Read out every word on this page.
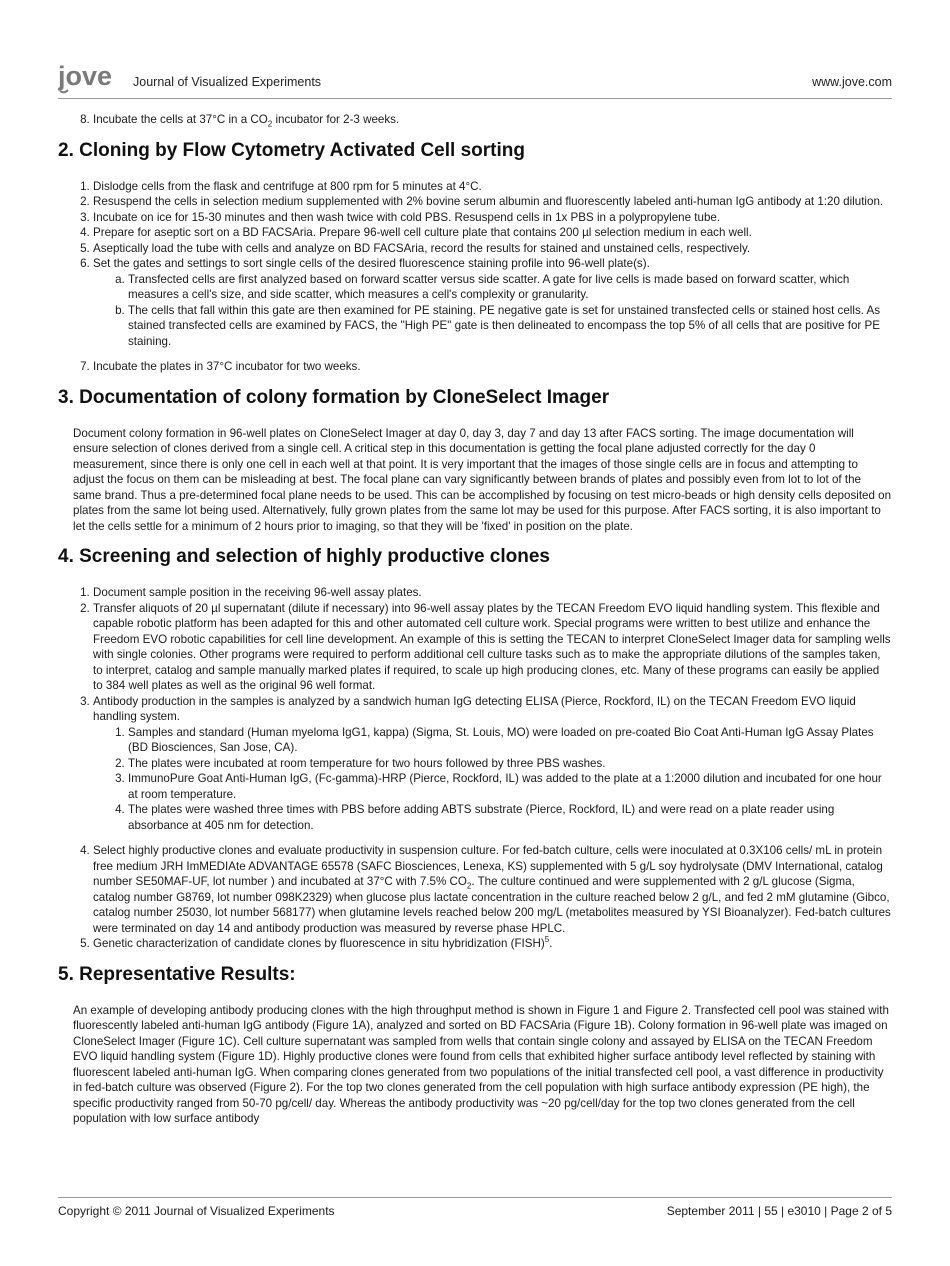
jove Journal of Visualized Experiments	www.jove.com
8. Incubate the cells at 37°C in a $CO_2$ incubator for 2-3 weeks.
2. Cloning by Flow Cytometry Activated Cell sorting
1. Dislodge cells from the flask and centrifuge at 800 rpm for 5 minutes at 4°C.
2. Resuspend the cells in selection medium supplemented with 2% bovine serum albumin and fluorescently labeled anti-human IgG antibody at 1:20 dilution.
3. Incubate on ice for 15-30 minutes and then wash twice with cold PBS. Resuspend cells in 1x PBS in a polypropylene tube.
4. Prepare for aseptic sort on a BD FACSAria. Prepare 96-well cell culture plate that contains 200 µl selection medium in each well.
5. Aseptically load the tube with cells and analyze on BD FACSAria, record the results for stained and unstained cells, respectively.
6. Set the gates and settings to sort single cells of the desired fluorescence staining profile into 96-well plate(s).
a. Transfected cells are first analyzed based on forward scatter versus side scatter. A gate for live cells is made based on forward scatter, which measures a cell's size, and side scatter, which measures a cell's complexity or granularity.
b. The cells that fall within this gate are then examined for PE staining. PE negative gate is set for unstained transfected cells or stained host cells. As stained transfected cells are examined by FACS, the "High PE" gate is then delineated to encompass the top 5% of all cells that are positive for PE staining.
7. Incubate the plates in 37°C incubator for two weeks.
3. Documentation of colony formation by CloneSelect Imager

Document colony formation in 96-well plates on CloneSelect Imager at day 0, day 3, day 7 and day 13 after FACS sorting. The image documentation will ensure selection of clones derived from a single cell. A critical step in this documentation is getting the focal plane adjusted correctly for the day 0 measurement, since there is only one cell in each well at that point. It is very important that the images of those single cells are in focus and attempting to adjust the focus on them can be misleading at best. The focal plane can vary significantly between brands of plates and possibly even from lot to lot of the same brand. Thus a pre-determined focal plane needs to be used. This can be accomplished by focusing on test micro-beads or high density cells deposited on plates from the same lot being used. Alternatively, fully grown plates from the same lot may be used for this purpose. After FACS sorting, it is also important to let the cells settle for a minimum of 2 hours prior to imaging, so that they will be 'fixed' in position on the plate.

4. Screening and selection of highly productive clones
1. Document sample position in the receiving 96-well assay plates.
2. Transfer aliquots of 20 µl supernatant (dilute if necessary) into 96-well assay plates by the TECAN Freedom EVO liquid handling system. This flexible and capable robotic platform has been adapted for this and other automated cell culture work. Special programs were written to best utilize and enhance the Freedom EVO robotic capabilities for cell line development. An example of this is setting the TECAN to interpret CloneSelect Imager data for sampling wells with single colonies. Other programs were required to perform additional cell culture tasks such as to make the appropriate dilutions of the samples taken, to interpret, catalog and sample manually marked plates if required, to scale up high producing clones, etc. Many of these programs can easily be applied to 384 well plates as well as the original 96 well format.
3. Antibody production in the samples is analyzed by a sandwich human IgG detecting ELISA (Pierce, Rockford, IL) on the TECAN Freedom EVO liquid handling system.
1. Samples and standard (Human myeloma IgG1, kappa) (Sigma, St. Louis, MO) were loaded on pre-coated Bio Coat Anti-Human IgG Assay Plates (BD Biosciences, San Jose, CA).
2. The plates were incubated at room temperature for two hours followed by three PBS washes.
3. ImmunoPure Goat Anti-Human IgG, (Fc-gamma)-HRP (Pierce, Rockford, IL) was added to the plate at a 1:2000 dilution and incubated for one hour at room temperature.
4. The plates were washed three times with PBS before adding ABTS substrate (Pierce, Rockford, IL) and were read on a plate reader using absorbance at 405 nm for detection.
4. Select highly productive clones and evaluate productivity in suspension culture. For fed-batch culture, cells were inoculated at 0.3X106 cells/ mL in protein free medium JRH ImMEDIAte ADVANTAGE 65578 (SAFC Biosciences, Lenexa, KS) supplemented with 5 g/L soy hydrolysate (DMV International, catalog number SE50MAF-UF, lot number ) and incubated at 37°C with 7.5% $CO_2$. The culture continued and were supplemented with 2 g/L glucose (Sigma, catalog number G8769, lot number 098K2329) when glucose plus lactate concentration in the culture reached below 2 g/L, and fed 2 mM glutamine (Gibco, catalog number 25030, lot number 568177) when glutamine levels reached below 200 mg/L (metabolites measured by YSI Bioanalyzer). Fed-batch cultures were terminated on day 14 and antibody production was measured by reverse phase HPLC.
5. Genetic characterization of candidate clones by fluorescence in situ hybridization (FISH)$^5$.
5. Representative Results:

An example of developing antibody producing clones with the high throughput method is shown in Figure 1 and Figure 2. Transfected cell pool was stained with fluorescently labeled anti-human IgG antibody (Figure 1A), analyzed and sorted on BD FACSAria (Figure 1B). Colony formation in 96-well plate was imaged on CloneSelect Imager (Figure 1C). Cell culture supernatant was sampled from wells that contain single colony and assayed by ELISA on the TECAN Freedom EVO liquid handling system (Figure 1D). Highly productive clones were found from cells that exhibited higher surface antibody level reflected by staining with fluorescent labeled anti-human IgG. When comparing clones generated from two populations of the initial transfected cell pool, a vast difference in productivity in fed-batch culture was observed (Figure 2). For the top two clones generated from the cell population with high surface antibody expression (PE high), the specific productivity ranged from 50-70 pg/cell/ day. Whereas the antibody productivity was ~20 pg/cell/day for the top two clones generated from the cell population with low surface antibody

Copyright © 2011 Journal of Visualized Experiments	September 2011 | 55 | e3010 | Page 2 of 5
